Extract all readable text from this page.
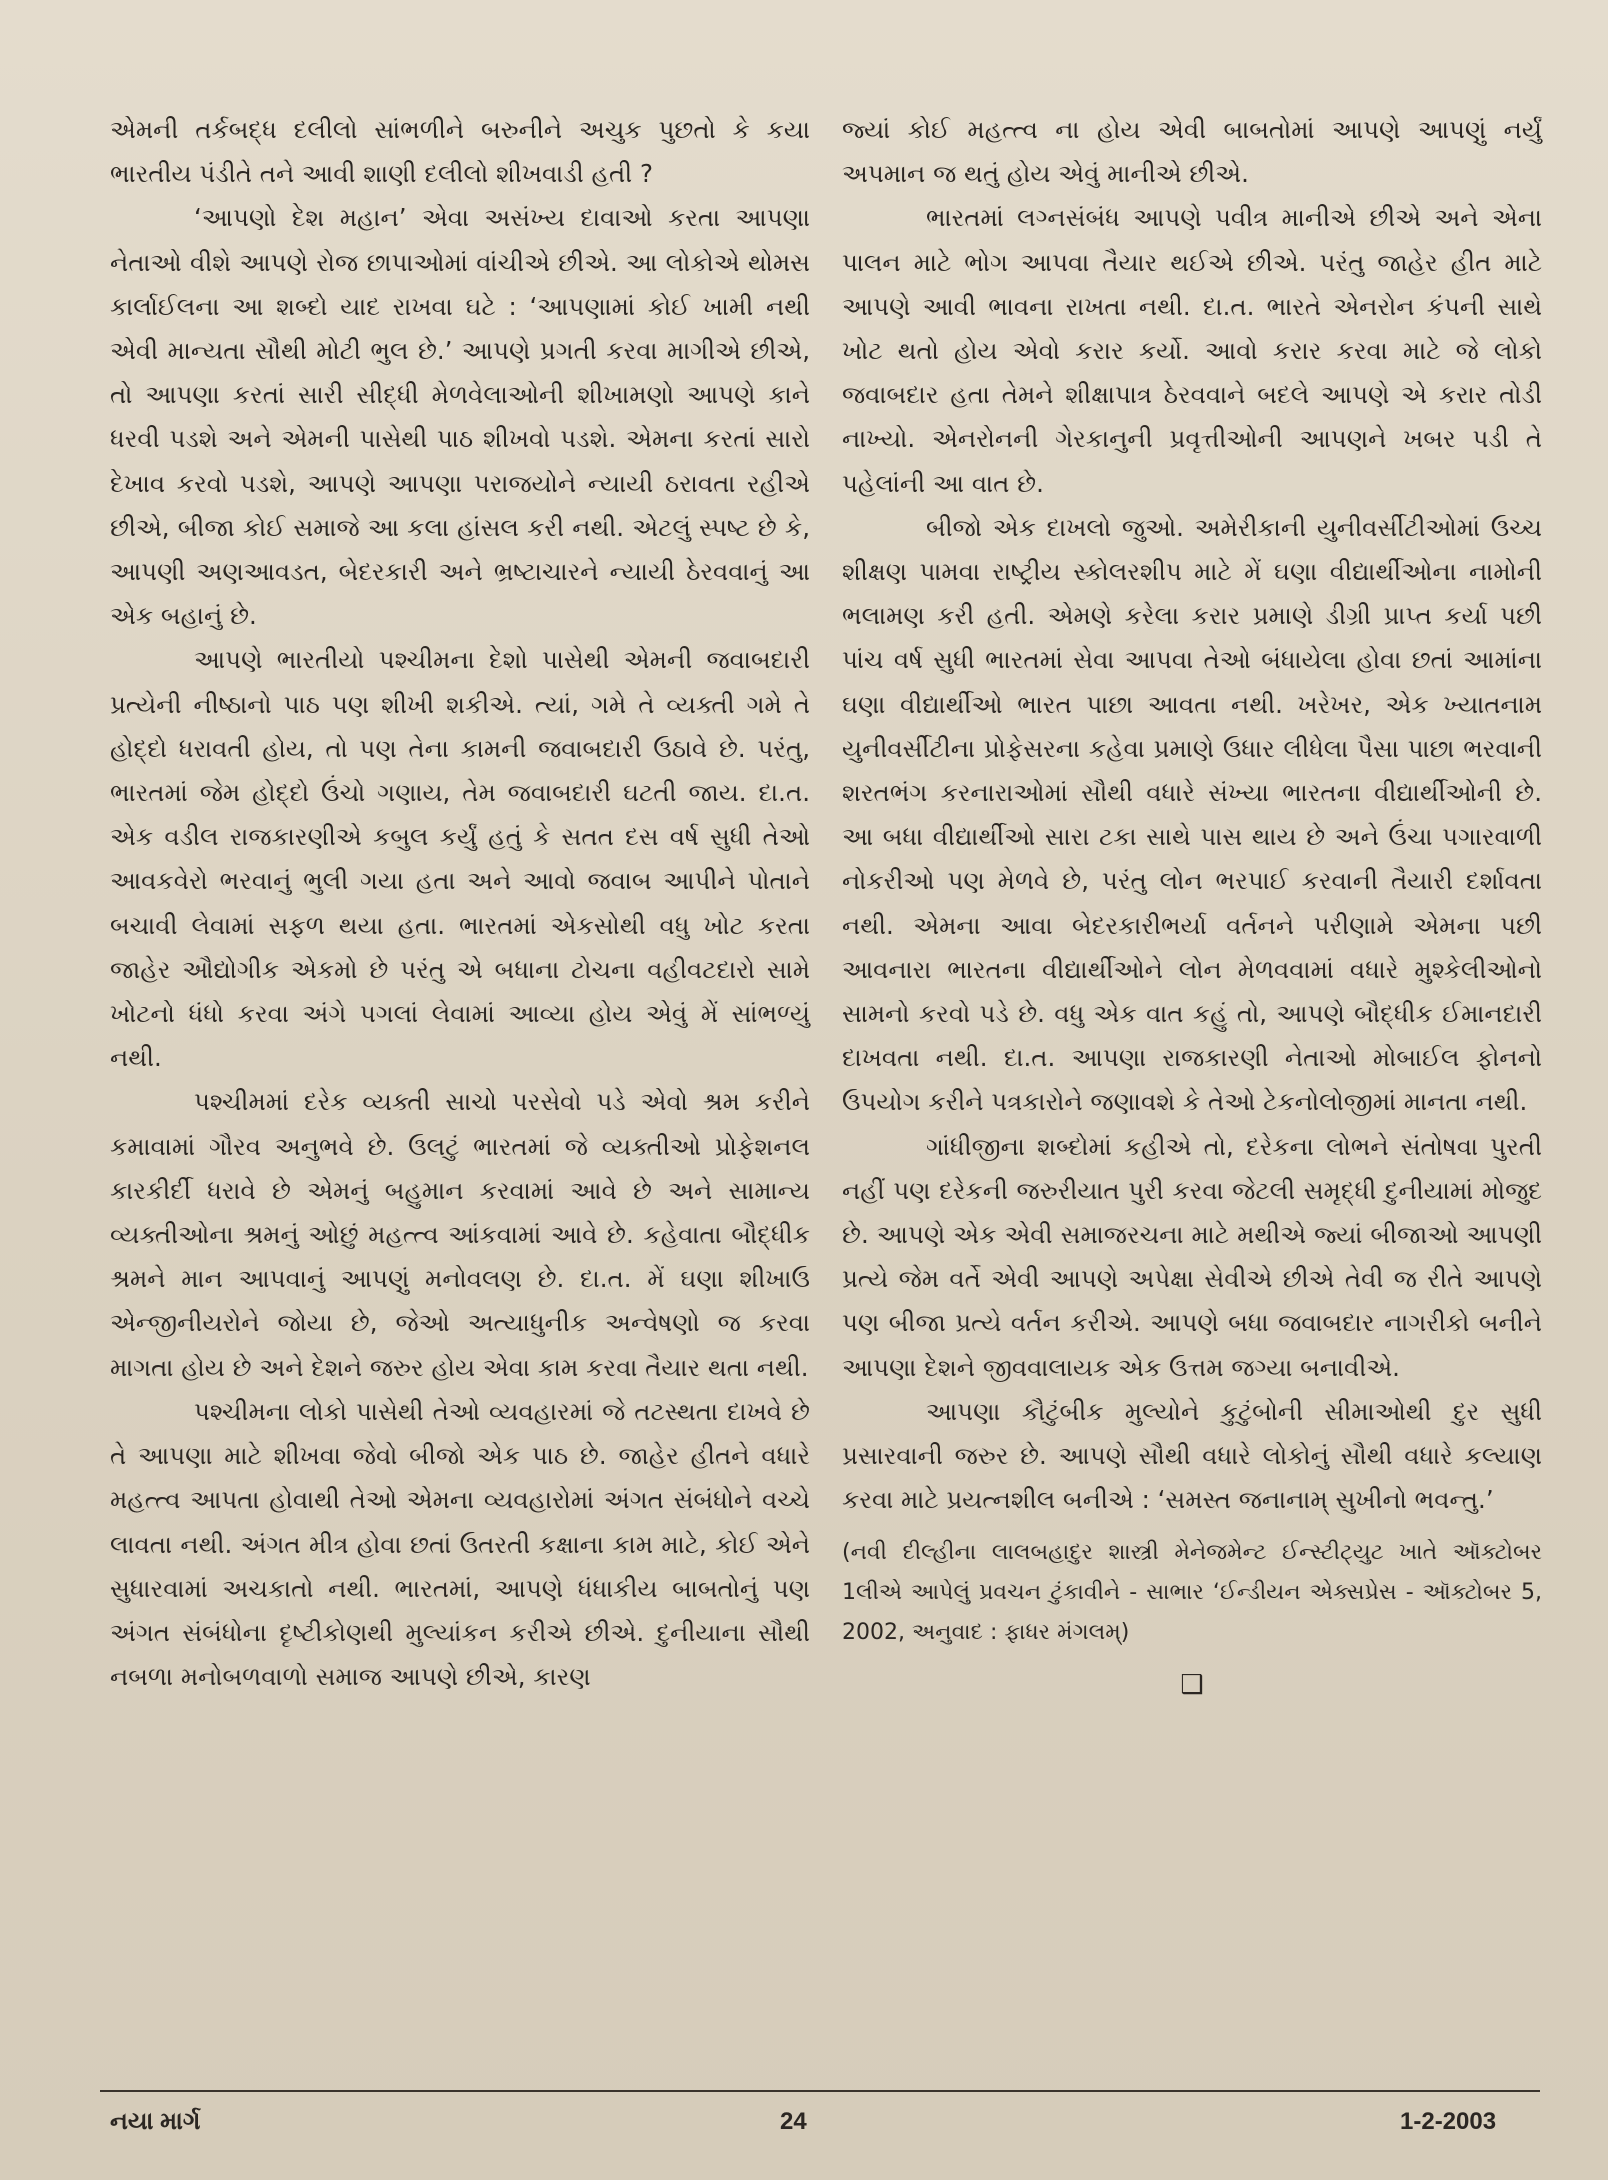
એમની તર્કબદ્ધ દલીલો સાંભળીને બરુનીને અચુક પુછતો કે કયા ભારતીય પંડીતે તને આવી શાણી દલીલો શીખવાડી હતી ?

‘આપણો દેશ મહાન’ એવા અસંખ્ય દાવાઓ કરતા આપણા નેતાઓ વીશે આપણે રોજ છાપાઓમાં વાંચીએ છીએ. આ લોકોએ થોમસ કાર્લાઈલના આ શબ્દો યાદ રાખવા ઘટે : ‘આપણામાં કોઈ ખામી નથી એવી માન્યતા સૌથી મોટી ભુલ છે.’ આપણે પ્રગતી કરવા માગીએ છીએ, તો આપણા કરતાં સારી સીદ્ધી મેળવેલાઓની શીખામણો આપણે કાને ધરવી પડશે અને એમની પાસેથી પાઠ શીખવો પડશે. એમના કરતાં સારો દેખાવ કરવો પડશે, આપણે આપણા પરાજયોને ન્યાયી ઠરાવતા રહીએ છીએ, બીજા કોઈ સમાજે આ કલા હાંસલ કરી નથી. એટલું સ્પષ્ટ છે કે, આપણી અણઆવડત, બેદરકારી અને ભ્રષ્ટાચારને ન્યાયી ઠેરવવાનું આ એક બહાનું છે.

આપણે ભારતીયો પશ્ચીમના દેશો પાસેથી એમની જવાબદારી પ્રત્યેની નીષ્ઠાનો પાઠ પણ શીખી શકીએ. ત્યાં, ગમે તે વ્યક્તી ગમે તે હોદ્દો ધરાવતી હોય, તો પણ તેના કામની જવાબદારી ઉઠાવે છે. પરંતુ, ભારતમાં જેમ હોદ્દો ઉંચો ગણાય, તેમ જવાબદારી ઘટતી જાય. દા.ત. એક વડીલ રાજકારણીએ કબુલ કર્યું હતું કે સતત દસ વર્ષ સુધી તેઓ આવકવેરો ભરવાનું ભુલી ગયા હતા અને આવો જવાબ આપીને પોતાને બચાવી લેવામાં સફળ થયા હતા. ભારતમાં એકસોથી વધુ ખોટ કરતા જાહેર ઔદ્યોગીક એકમો છે પરંતુ એ બધાના ટોચના વહીવટદારો સામે ખોટનો ધંધો કરવા અંગે પગલાં લેવામાં આવ્યા હોય એવું મેં સાંભળ્યું નથી.

પશ્ચીમમાં દરેક વ્યક્તી સાચો પરસેવો પડે એવો શ્રમ કરીને કમાવામાં ગૌરવ અનુભવે છે. ઉલટું ભારતમાં જે વ્યક્તીઓ પ્રોફેશનલ કારકીર્દી ધરાવે છે એમનું બહુમાન કરવામાં આવે છે અને સામાન્ય વ્યક્તીઓના શ્રમનું ઓછું મહત્ત્વ આંકવામાં આવે છે. કહેવાતા બૌદ્ધીક શ્રમને માન આપવાનું આપણું મનોવલણ છે. દા.ત. મેં ઘણા શીખાઉ એન્જીનીયરોને જોયા છે, જેઓ અત્યાધુનીક અન્વેષણો જ કરવા માગતા હોય છે અને દેશને જરુર હોય એવા કામ કરવા તૈયાર થતા નથી.

પશ્ચીમના લોકો પાસેથી તેઓ વ્યવહારમાં જે તટસ્થતા દાખવે છે તે આપણા માટે શીખવા જેવો બીજો એક પાઠ છે. જાહેર હીતને વધારે મહત્ત્વ આપતા હોવાથી તેઓ એમના વ્યવહારોમાં અંગત સંબંધોને વચ્ચે લાવતા નથી. અંગત મીત્ર હોવા છતાં ઉતરતી કક્ષાના કામ માટે, કોઈ એને સુધારવામાં અચકાતો નથી. ભારતમાં, આપણે ધંધાકીય બાબતોનું પણ અંગત સંબંધોના દૃષ્ટીકોણથી મુલ્યાંકન કરીએ છીએ. દુનીયાના સૌથી નબળા મનોબળવાળો સમાજ આપણે છીએ, કારણ

જ્યાં કોઈ મહત્ત્વ ના હોય એવી બાબતોમાં આપણે આપણું નર્યું અપમાન જ થતું હોય એવું માનીએ છીએ.

ભારતમાં લગ્નસંબંધ આપણે પવીત્ર માનીએ છીએ અને એના પાલન માટે ભોગ આપવા તૈયાર થઈએ છીએ. પરંતુ જાહેર હીત માટે આપણે આવી ભાવના રાખતા નથી. દા.ત. ભારતે એનરોન કંપની સાથે ખોટ થતો હોય એવો કરાર કર્યો. આવો કરાર કરવા માટે જે લોકો જવાબદાર હતા તેમને શીક્ષાપાત્ર ઠેરવવાને બદલે આપણે એ કરાર તોડી નાખ્યો. એનરોનની ગેરકાનુની પ્રવૃત્તીઓની આપણને ખબર પડી તે પહેલાંની આ વાત છે.

બીજો એક દાખલો જુઓ. અમેરીકાની યુનીવર્સીટીઓમાં ઉચ્ચ શીક્ષણ પામવા રાષ્ટ્રીય સ્કોલરશીપ માટે મેં ઘણા વીદ્યાર્થીઓના નામોની ભલામણ કરી હતી. એમણે કરેલા કરાર પ્રમાણે ડીગ્રી પ્રાપ્ત કર્યા પછી પાંચ વર્ષ સુધી ભારતમાં સેવા આપવા તેઓ બંધાયેલા હોવા છતાં આમાંના ઘણા વીદ્યાર્થીઓ ભારત પાછા આવતા નથી. ખરેખર, એક ખ્યાતનામ યુનીવર્સીટીના પ્રોફેસરના કહેવા પ્રમાણે ઉધાર લીધેલા પૈસા પાછા ભરવાની શરતભંગ કરનારાઓમાં સૌથી વધારે સંખ્યા ભારતના વીદ્યાર્થીઓની છે. આ બધા વીદ્યાર્થીઓ સારા ટકા સાથે પાસ થાય છે અને ઉંચા પગારવાળી નોકરીઓ પણ મેળવે છે, પરંતુ લોન ભરપાઈ કરવાની તૈયારી દર્શાવતા નથી. એમના આવા બેદરકારીભર્યા વર્તનને પરીણામે એમના પછી આવનારા ભારતના વીદ્યાર્થીઓને લોન મેળવવામાં વધારે મુશ્કેલીઓનો સામનો કરવો પડે છે. વધુ એક વાત કહું તો, આપણે બૌદ્ધીક ઈમાનદારી દાખવતા નથી. દા.ત. આપણા રાજકારણી નેતાઓ મોબાઈલ ફોનનો ઉપયોગ કરીને પત્રકારોને જણાવશે કે તેઓ ટેકનોલોજીમાં માનતા નથી.

ગાંધીજીના શબ્દોમાં કહીએ તો, દરેકના લોભને સંતોષવા પુરતી નહીં પણ દરેકની જરુરીયાત પુરી કરવા જેટલી સમૃદ્ધી દુનીયામાં મોજુદ છે. આપણે એક એવી સમાજરચના માટે મથીએ જ્યાં બીજાઓ આપણી પ્રત્યે જેમ વર્તે એવી આપણે અપેક્ષા સેવીએ છીએ તેવી જ રીતે આપણે પણ બીજા પ્રત્યે વર્તન કરીએ. આપણે બધા જવાબદાર નાગરીકો બનીને આપણા દેશને જીવવાલાયક એક ઉત્તમ જગ્યા બનાવીએ.

આપણા કૌટુંબીક મુલ્યોને કુટુંબોની સીમાઓથી દુર સુધી પ્રસારવાની જરુર છે. આપણે સૌથી વધારે લોકોનું સૌથી વધારે કલ્યાણ કરવા માટે પ્રયત્નશીલ બનીએ : ‘સમસ્ત જનાનામ્ સુખીનો ભવન્તુ.’

(નવી દીલ્હીના લાલબહાદુર શાસ્ત્રી મેનેજમેન્ટ ઈન્સ્ટીટ્યુટ ખાતે ઑક્ટોબર 1લીએ આપેલું પ્રવચન ટુંકાવીને - સાભાર ‘ઈન્ડીયન એક્સપ્રેસ - ઑક્ટોબર 5, 2002, અનુવાદ : ફાધર મંગલમ્)

❑

નયા માર્ગ	24	1-2-2003
